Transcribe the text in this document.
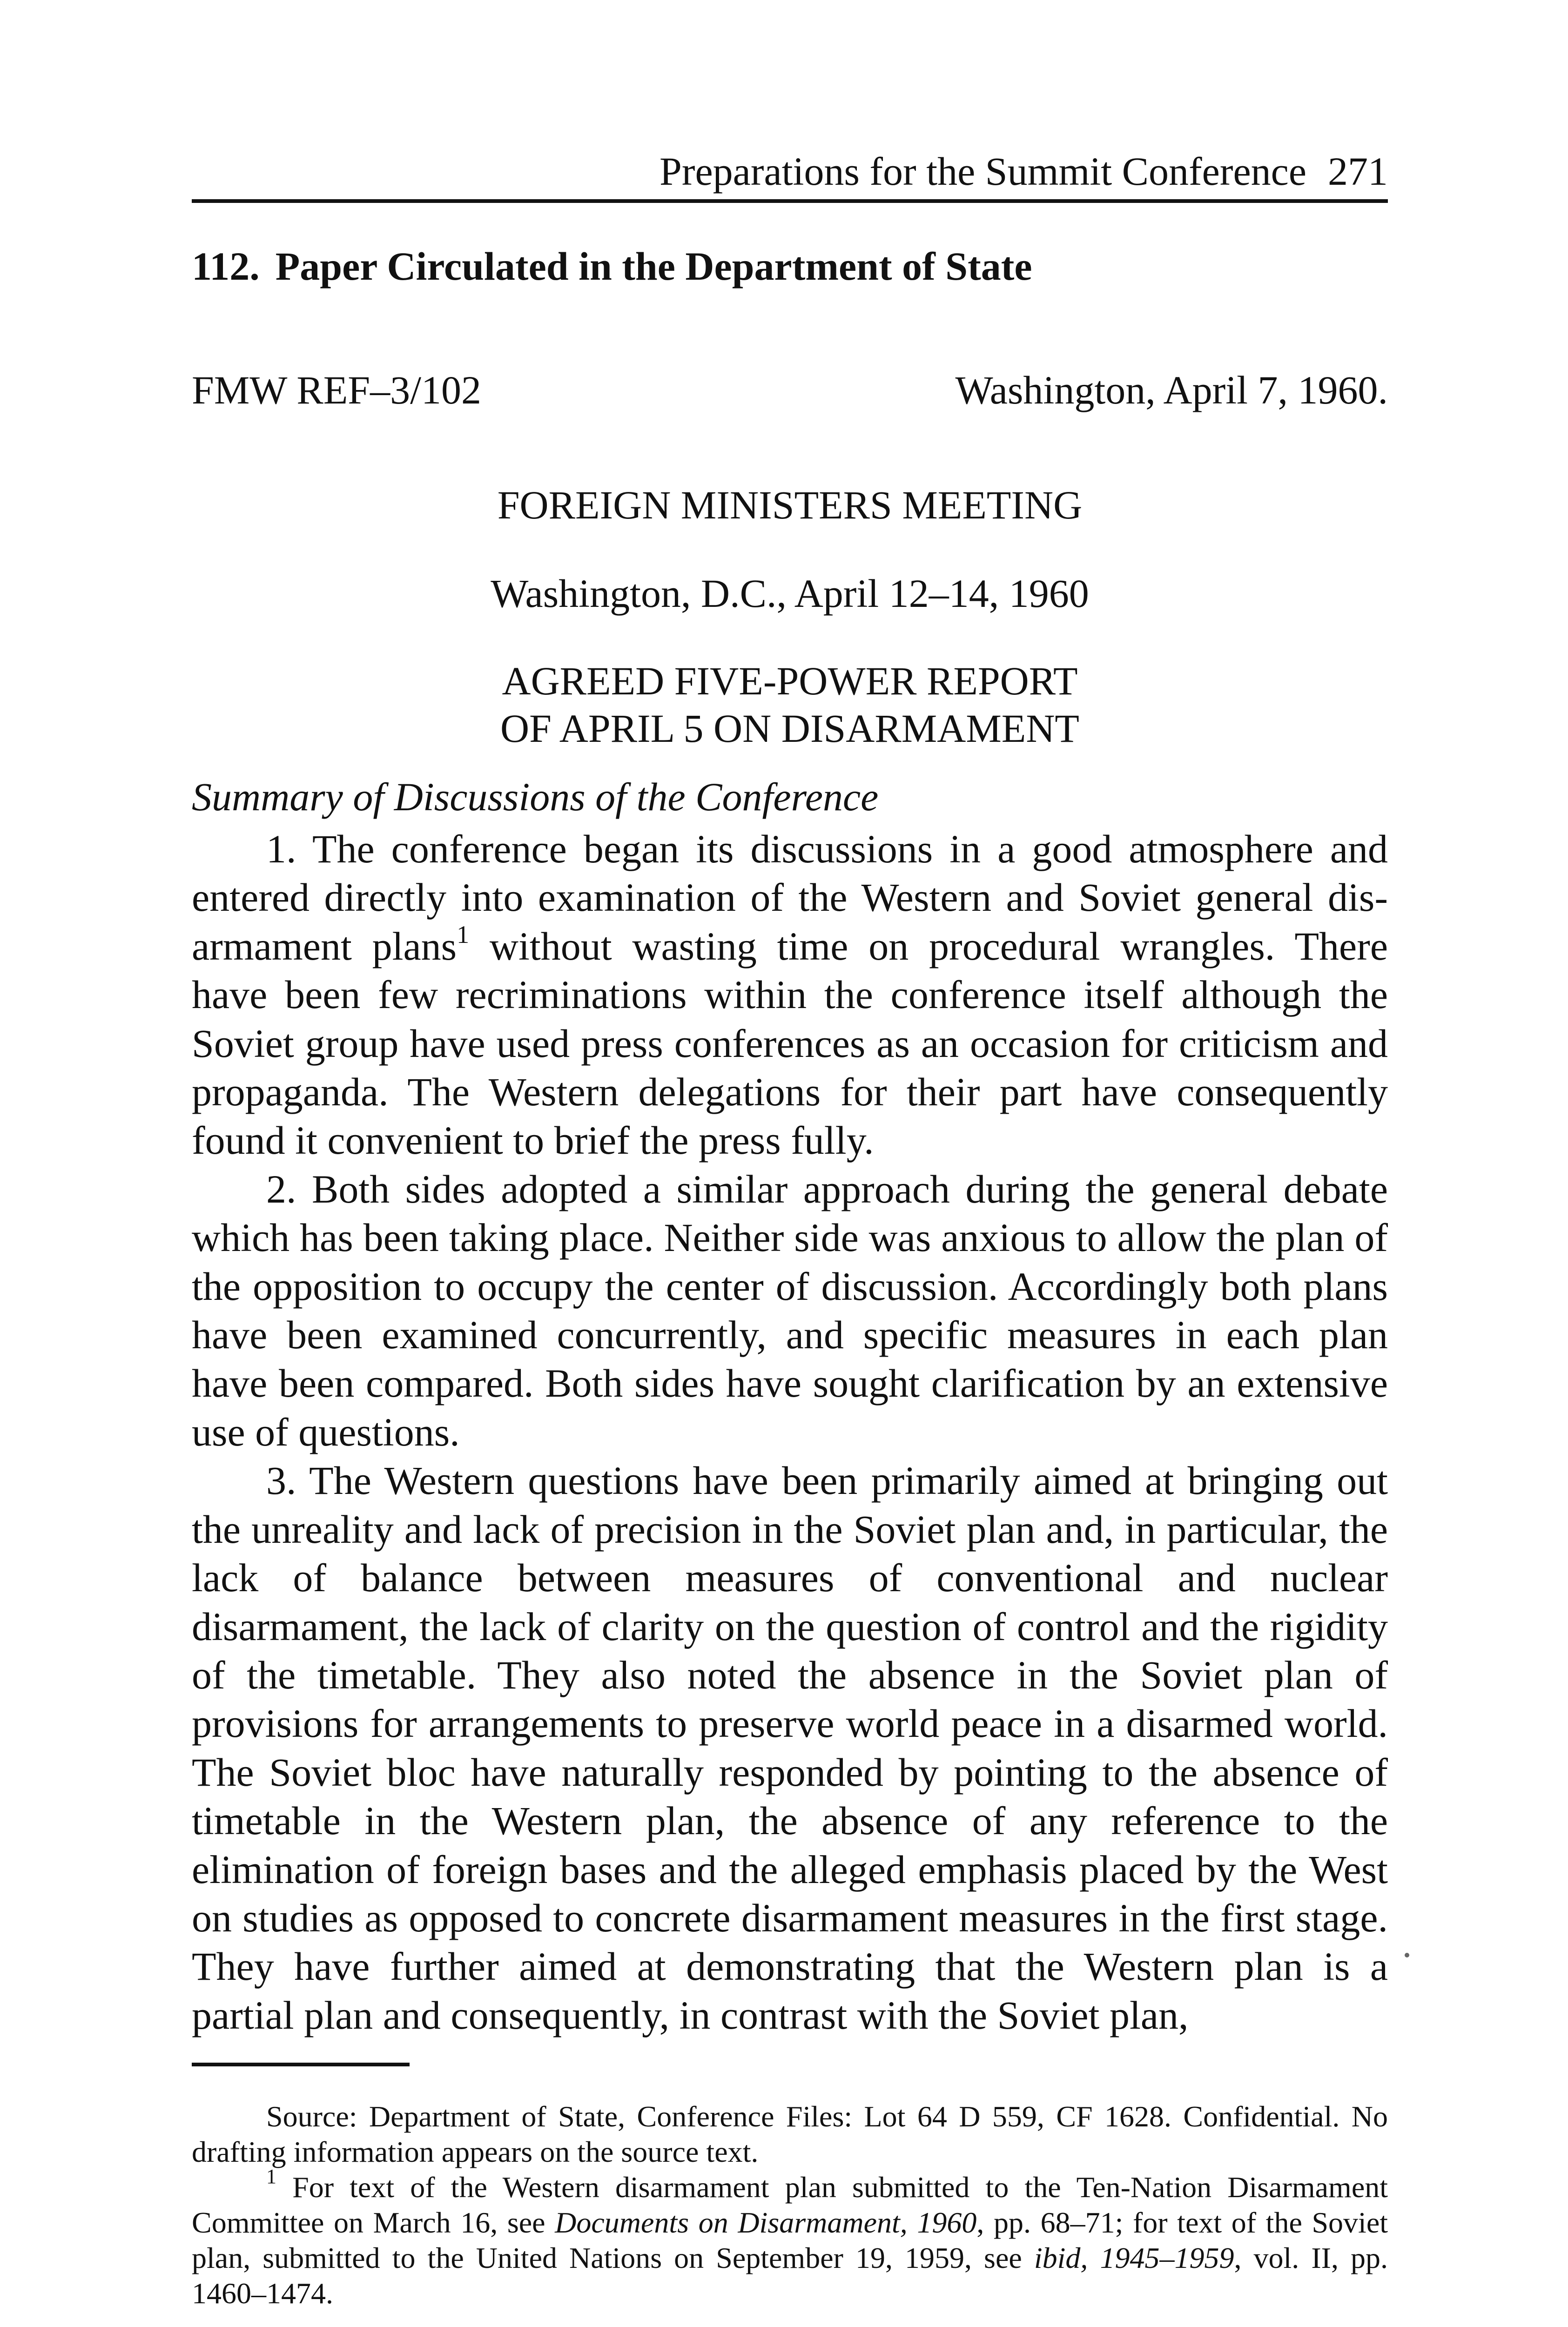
Preparations for the Summit Conference 271
112. Paper Circulated in the Department of State
FMW REF–3/102	Washington, April 7, 1960.
FOREIGN MINISTERS MEETING
Washington, D.C., April 12–14, 1960
AGREED FIVE-POWER REPORT
OF APRIL 5 ON DISARMAMENT
Summary of Discussions of the Conference

1. The conference began its discussions in a good atmosphere and entered directly into examination of the Western and Soviet general disarmament plans$^1$ without wasting time on procedural wrangles. There have been few recriminations within the conference itself although the Soviet group have used press conferences as an occasion for criticism and propaganda. The Western delegations for their part have consequently found it convenient to brief the press fully.

2. Both sides adopted a similar approach during the general debate which has been taking place. Neither side was anxious to allow the plan of the opposition to occupy the center of discussion. Accordingly both plans have been examined concurrently, and specific measures in each plan have been compared. Both sides have sought clarification by an extensive use of questions.

3. The Western questions have been primarily aimed at bringing out the unreality and lack of precision in the Soviet plan and, in particular, the lack of balance between measures of conventional and nuclear disarmament, the lack of clarity on the question of control and the rigidity of the timetable. They also noted the absence in the Soviet plan of provisions for arrangements to preserve world peace in a disarmed world. The Soviet bloc have naturally responded by pointing to the absence of timetable in the Western plan, the absence of any reference to the elimination of foreign bases and the alleged emphasis placed by the West on studies as opposed to concrete disarmament measures in the first stage. They have further aimed at demonstrating that the Western plan is a partial plan and consequently, in contrast with the Soviet plan,

Source: Department of State, Conference Files: Lot 64 D 559, CF 1628. Confidential. No drafting information appears on the source text.

$^1$ For text of the Western disarmament plan submitted to the Ten-Nation Disarmament Committee on March 16, see Documents on Disarmament, 1960, pp. 68–71; for text of the Soviet plan, submitted to the United Nations on September 19, 1959, see ibid, 1945–1959, vol. II, pp. 1460–1474.
